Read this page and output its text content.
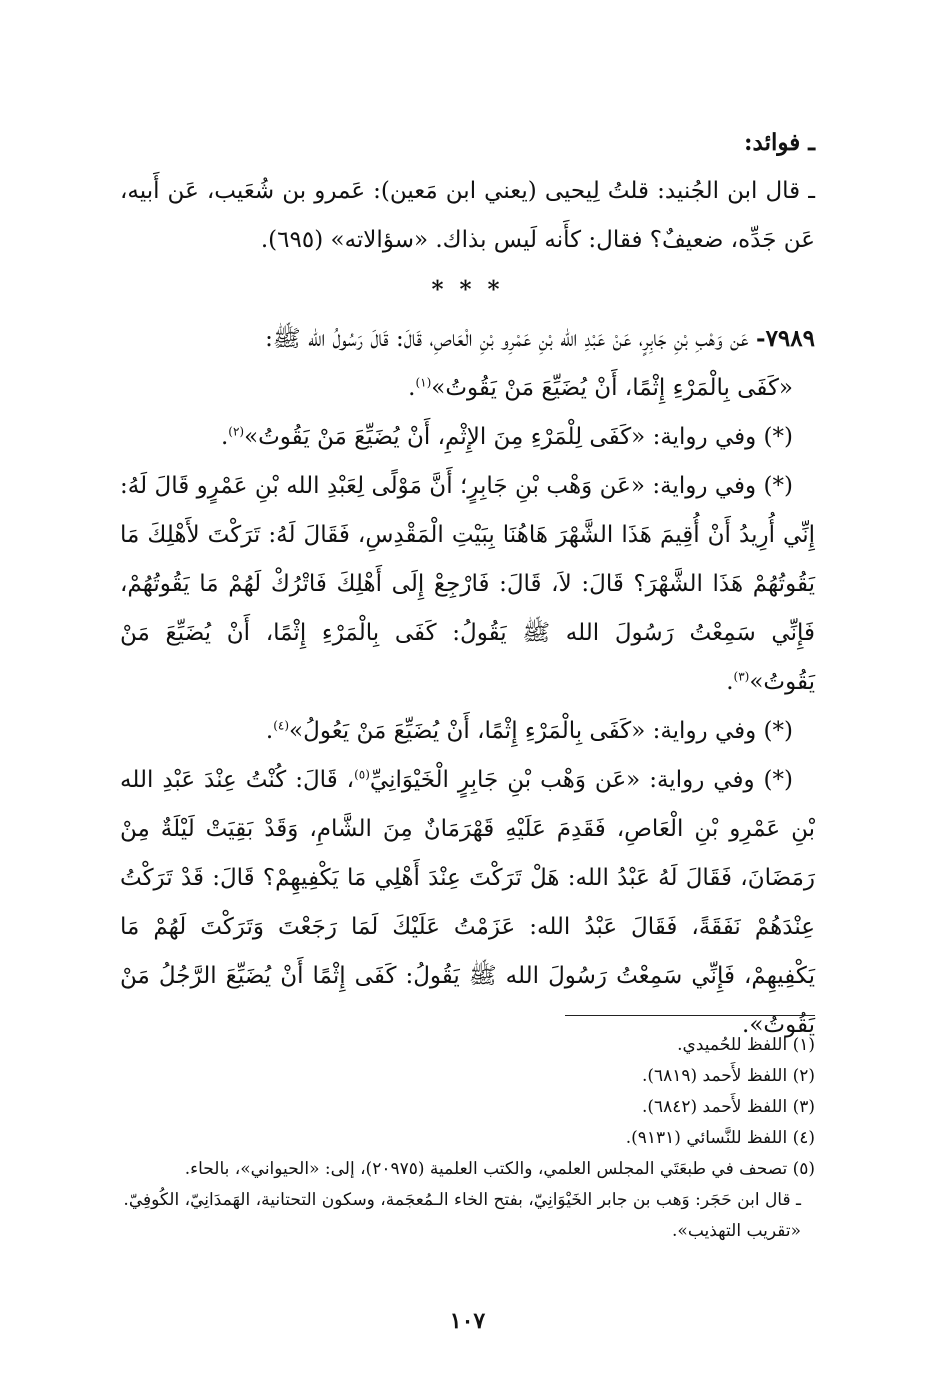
ـ فوائد:

ـ قال ابن الجُنيد: قلتُ لِيحيى (يعني ابن مَعين): عَمرو بن شُعَيب، عَن أَبيه، عَن جَدِّه، ضعيفٌ؟ فقال: كأَنه لَيس بذاك. «سؤالاته» (٦٩٥).

* * *

٧٩٨٩- عَن وَهْبِ بْنِ جَابِرٍ، عَنْ عَبْدِ الله بْنِ عَمْرِو بْنِ الْعَاصِ، قَالَ: قَالَ رَسُولُ الله ﷺ:

«كَفَى بِالْمَرْءِ إِثْمًا، أَنْ يُضَيِّعَ مَنْ يَقُوتُ»$^{(١)}$.

(*) وفي رواية: «كَفَى لِلْمَرْءِ مِنَ الإِثْمِ، أَنْ يُضَيِّعَ مَنْ يَقُوتُ»$^{(٢)}$.

(*) وفي رواية: «عَن وَهْب بْنِ جَابِرٍ؛ أَنَّ مَوْلًى لِعَبْدِ الله بْنِ عَمْرٍو قَالَ لَهُ: إِنِّي أُرِيدُ أَنْ أُقِيمَ هَذَا الشَّهْرَ هَاهُنَا بِبَيْتِ الْمَقْدِسِ، فَقَالَ لَهُ: تَرَكْتَ لأَهْلِكَ مَا يَقُوتُهُمْ هَذَا الشَّهْرَ؟ قَالَ: لاَ، قَالَ: فَارْجِعْ إِلَى أَهْلِكَ فَاتْرُكْ لَهُمْ مَا يَقُوتُهُمْ، فَإِنِّي سَمِعْتُ رَسُولَ الله ﷺ يَقُولُ: كَفَى بِالْمَرْءِ إِثْمًا، أَنْ يُضَيِّعَ مَنْ يَقُوتُ»$^{(٣)}$.

(*) وفي رواية: «كَفَى بِالْمَرْءِ إِثْمًا، أَنْ يُضَيِّعَ مَنْ يَعُولُ»$^{(٤)}$.

(*) وفي رواية: «عَن وَهْب بْنِ جَابِرٍ الْخَيْوَانِيِّ$^{(٥)}$، قَالَ: كُنْتُ عِنْدَ عَبْدِ الله بْنِ عَمْرِو بْنِ الْعَاصِ، فَقَدِمَ عَلَيْهِ قَهْرَمَانٌ مِنَ الشَّامِ، وَقَدْ بَقِيَتْ لَيْلَةٌ مِنْ رَمَضَانَ، فَقَالَ لَهُ عَبْدُ الله: هَلْ تَرَكْتَ عِنْدَ أَهْلِي مَا يَكْفِيهِمْ؟ قَالَ: قَدْ تَرَكْتُ عِنْدَهُمْ نَفَقَةً، فَقَالَ عَبْدُ الله: عَزَمْتُ عَلَيْكَ لَمَا رَجَعْتَ وَتَرَكْتَ لَهُمْ مَا يَكْفِيهِمْ، فَإِنِّي سَمِعْتُ رَسُولَ الله ﷺ يَقُولُ: كَفَى إِثْمًا أَنْ يُضَيِّعَ الرَّجُلُ مَنْ يَقُوتُ».

(١) اللفظ للحُميدي.

(٢) اللفظ لأَحمد (٦٨١٩).

(٣) اللفظ لأَحمد (٦٨٤٢).

(٤) اللفظ للنَّسائي (٩١٣١).

(٥) تصحف في طبعَتَي المجلس العلمي، والكتب العلمية (٢٠٩٧٥)، إلى: «الحيواني»، بالحاء.

ـ قال ابن حَجَر: وَهب بن جابر الخَيْوَانِيّ، بفتح الخاء الـمُعجَمة، وسكون التحتانية، الهَمدَانِيّ، الكُوفِيّ. «تقريب التهذيب».

١٠٧
